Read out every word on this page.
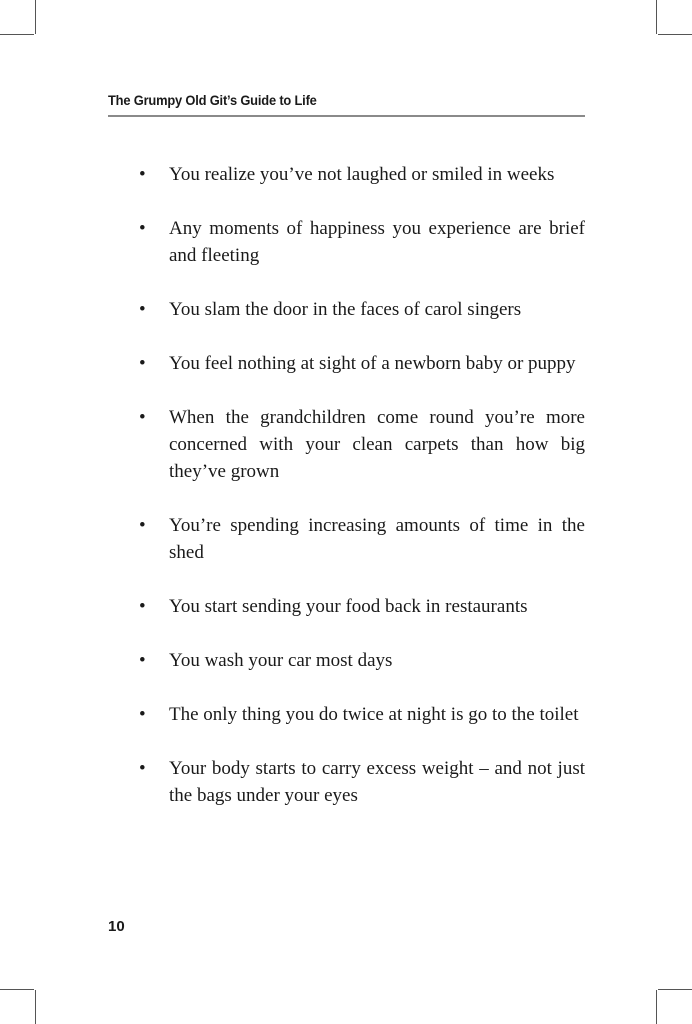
The Grumpy Old Git’s Guide to Life
• You realize you’ve not laughed or smiled in weeks
• Any moments of happiness you experience are brief and fleeting
• You slam the door in the faces of carol singers
• You feel nothing at sight of a newborn baby or puppy
• When the grandchildren come round you’re more concerned with your clean carpets than how big they’ve grown
• You’re spending increasing amounts of time in the shed
• You start sending your food back in restaurants
• You wash your car most days
• The only thing you do twice at night is go to the toilet
• Your body starts to carry excess weight – and not just the bags under your eyes
10
